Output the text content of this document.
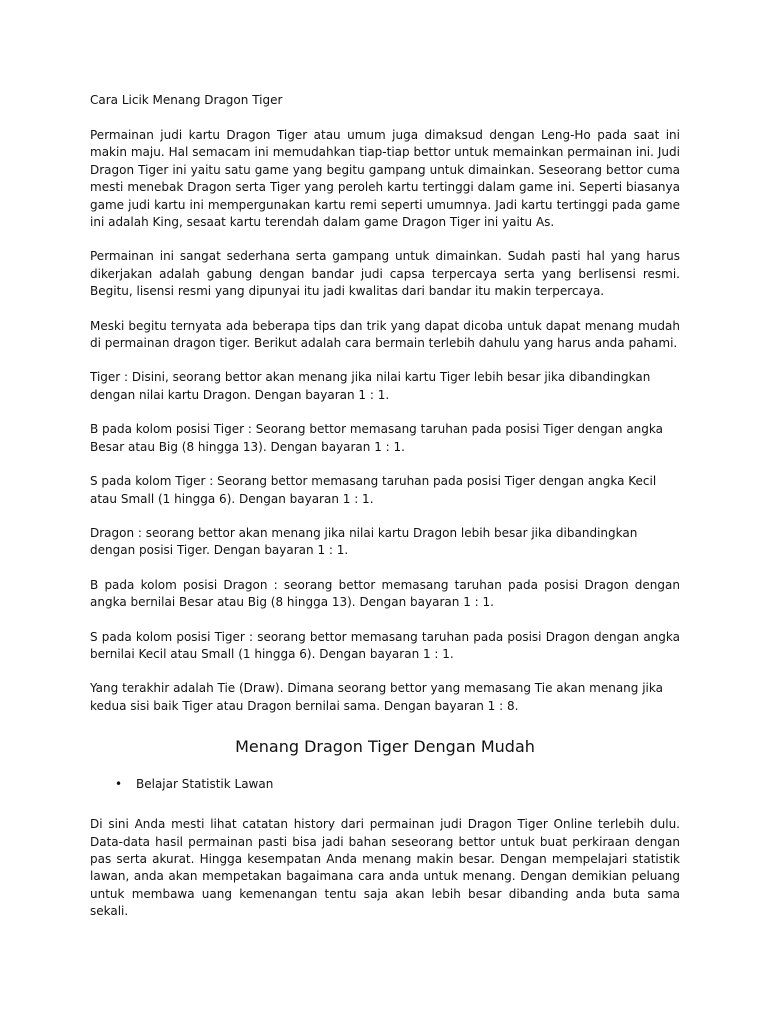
Cara Licik Menang Dragon Tiger

Permainan judi kartu Dragon Tiger atau umum juga dimaksud dengan Leng-Ho pada saat ini makin maju. Hal semacam ini memudahkan tiap-tiap bettor untuk memainkan permainan ini. Judi Dragon Tiger ini yaitu satu game yang begitu gampang untuk dimainkan. Seseorang bettor cuma mesti menebak Dragon serta Tiger yang peroleh kartu tertinggi dalam game ini. Seperti biasanya game judi kartu ini mempergunakan kartu remi seperti umumnya. Jadi kartu tertinggi pada game ini adalah King, sesaat kartu terendah dalam game Dragon Tiger ini yaitu As.

Permainan ini sangat sederhana serta gampang untuk dimainkan. Sudah pasti hal yang harus dikerjakan adalah gabung dengan bandar judi capsa terpercaya serta yang berlisensi resmi. Begitu, lisensi resmi yang dipunyai itu jadi kwalitas dari bandar itu makin terpercaya.

Meski begitu ternyata ada beberapa tips dan trik yang dapat dicoba untuk dapat menang mudah di permainan dragon tiger. Berikut adalah cara bermain terlebih dahulu yang harus anda pahami.

Tiger : Disini, seorang bettor akan menang jika nilai kartu Tiger lebih besar jika dibandingkan dengan nilai kartu Dragon. Dengan bayaran 1 : 1.

B pada kolom posisi Tiger : Seorang bettor memasang taruhan pada posisi Tiger dengan angka Besar atau Big (8 hingga 13). Dengan bayaran 1 : 1.

S pada kolom Tiger : Seorang bettor memasang taruhan pada posisi Tiger dengan angka Kecil atau Small (1 hingga 6). Dengan bayaran 1 : 1.

Dragon : seorang bettor akan menang jika nilai kartu Dragon lebih besar jika dibandingkan dengan posisi Tiger. Dengan bayaran 1 : 1.

B pada kolom posisi Dragon : seorang bettor memasang taruhan pada posisi Dragon dengan angka bernilai Besar atau Big (8 hingga 13). Dengan bayaran 1 : 1.

S pada kolom posisi Tiger : seorang bettor memasang taruhan pada posisi Dragon dengan angka bernilai Kecil atau Small (1 hingga 6). Dengan bayaran 1 : 1.

Yang terakhir adalah Tie (Draw). Dimana seorang bettor yang memasang Tie akan menang jika kedua sisi baik Tiger atau Dragon bernilai sama. Dengan bayaran 1 : 8.

Menang Dragon Tiger Dengan Mudah
• Belajar Statistik Lawan

Di sini Anda mesti lihat catatan history dari permainan judi Dragon Tiger Online terlebih dulu. Data-data hasil permainan pasti bisa jadi bahan seseorang bettor untuk buat perkiraan dengan pas serta akurat. Hingga kesempatan Anda menang makin besar. Dengan mempelajari statistik lawan, anda akan mempetakan bagaimana cara anda untuk menang. Dengan demikian peluang untuk membawa uang kemenangan tentu saja akan lebih besar dibanding anda buta sama sekali.
